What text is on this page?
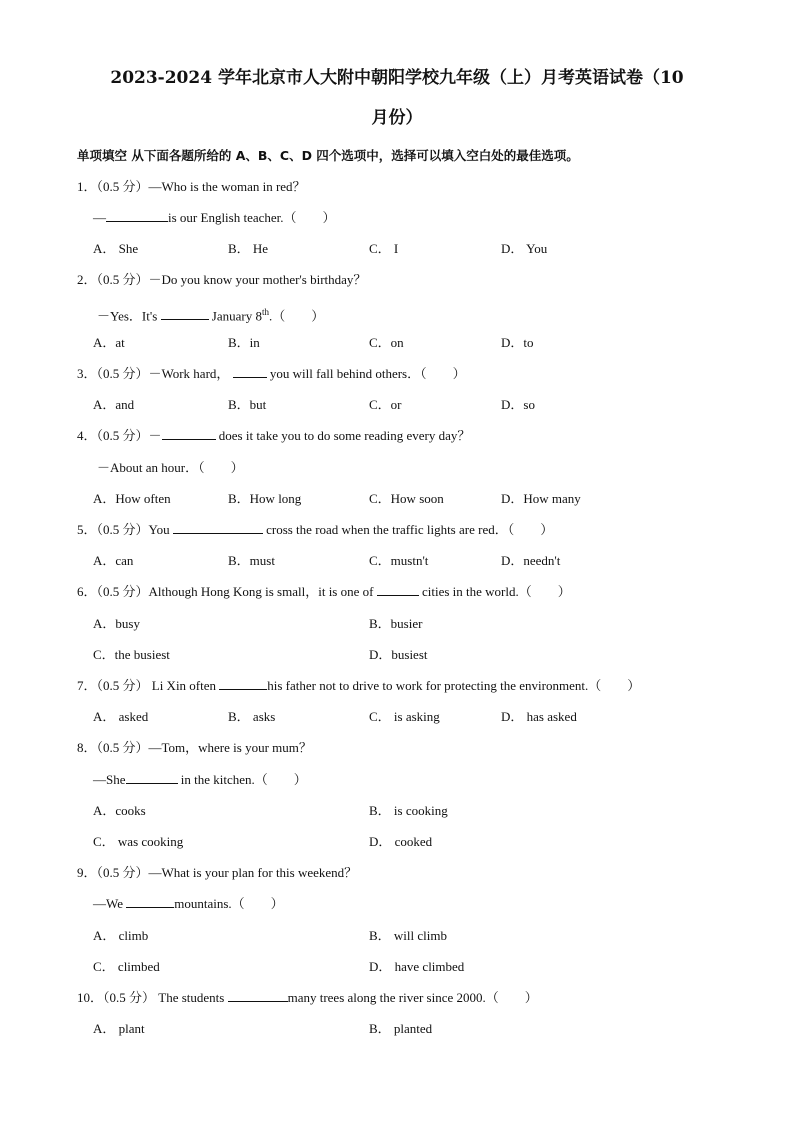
2023-2024 学年北京市人大附中朝阳学校九年级（上）月考英语试卷（10
月份）
单项填空 从下面各题所给的 A、B、C、D 四个选项中，选择可以填入空白处的最佳选项。
1．（0.5 分）—Who is the woman in red？
—	is our English teacher.（　　）
A． She	B． He	C． I	D． You
2．（0.5 分）－Do you know your mother's birthday？
－Yes．It's	January 8th.（　　）
A．at	B．in	C．on	D．to
3．（0.5 分）－Work hard，	you will fall behind others．（　　）
A．and	B．but	C．or	D．so
4．（0.5 分）－	does it take you to do some reading every day？
－About an hour．（　　）
A．How often	B．How long	C．How soon	D．How many
5．（0.5 分）You	cross the road when the traffic lights are red．（　　）
A．can	B．must	C．mustn't	D．needn't
6．（0.5 分）Although Hong Kong is small，it is one of	cities in the world.（　　）
A．busy	B．busier
C．the busiest	D．busiest
7．（0.5 分） Li Xin often	his father not to drive to work for protecting the environment.（　　）
A． asked	B． asks	C． is asking	D． has asked
8．（0.5 分）—Tom，where is your mum？
—She	in the kitchen.（　　）
A．cooks	B． is cooking
C． was cooking	D． cooked
9．（0.5 分）—What is your plan for this weekend？
—We	mountains.（　　）
A． climb	B． will climb
C． climbed	D． have climbed
10．（0.5 分） The students	many trees along the river since 2000.（　　）
A． plant	B． planted
